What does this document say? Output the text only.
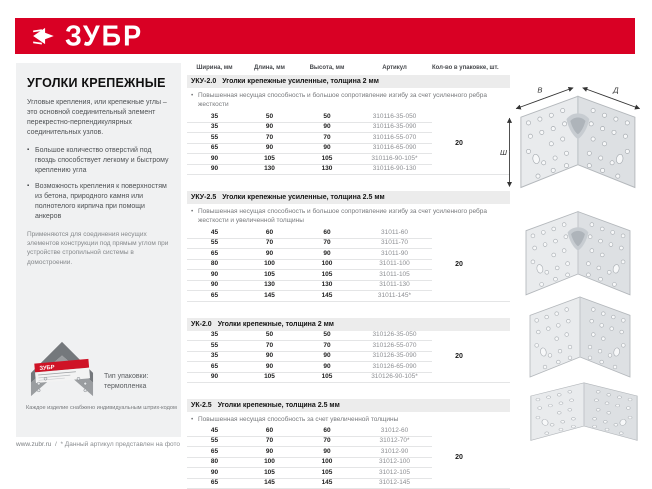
ЗУБР
УГОЛКИ КРЕПЕЖНЫЕ

Угловые крепления, или крепежные углы – это основной соединительный элемент перекрестно-перпендикулярных соединительных узлов.

▪ Большое количество отверстий под гвоздь способствует легкому и быстрому креплению угла
▪ Возможность крепления к поверхностям из бетона, природного камня или полнотелого кирпича при помощи анкеров

Применяются для соединения несущих элементов конструкции под прямым углом при устройстве стропильной системы в домостроении.

ЗУБР
Тип упаковки: термопленка
Каждое изделие снабжено индивидуальным штрих-кодом
www.zubr.ru / * Данный артикул представлен на фото
Ширина, мм	Длина, мм	Высота, мм	Артикул	Кол-во в упаковке, шт.
УКУ-2.0 Уголки крепежные усиленные, толщина 2 мм
• Повышенная несущая способность и большое сопротивление изгибу за счет усиленного ребра жесткости
35	50	50	310116-35-050	20
35	90	90	310116-35-090	
55	70	70	310116-55-070	
65	90	90	310116-65-090	
90	105	105	310116-90-105*	
90	130	130	310116-90-130	
УКУ-2.5 Уголки крепежные усиленные, толщина 2.5 мм
• Повышенная несущая способность и большое сопротивление изгибу за счет усиленного ребра жесткости и увеличенной толщины
45	60	60	31011-60	20
55	70	70	31011-70	
65	90	90	31011-90	
80	100	100	31011-100	
90	105	105	31011-105	
90	130	130	31011-130	
65	145	145	31011-145*	
УК-2.0 Уголки крепежные, толщина 2 мм
35	50	50	310126-35-050	20
55	70	70	310126-55-070	
35	90	90	310126-35-090	
65	90	90	310126-65-090	
90	105	105	310126-90-105*	
УК-2.5 Уголки крепежные, толщина 2.5 мм
• Повышенная несущая способность за счет увеличенной толщины
45	60	60	31012-60	20
55	70	70	31012-70*	
65	90	90	31012-90	
80	100	100	31012-100	
90	105	105	31012-105	
65	145	145	31012-145	
В	Д
Ш
